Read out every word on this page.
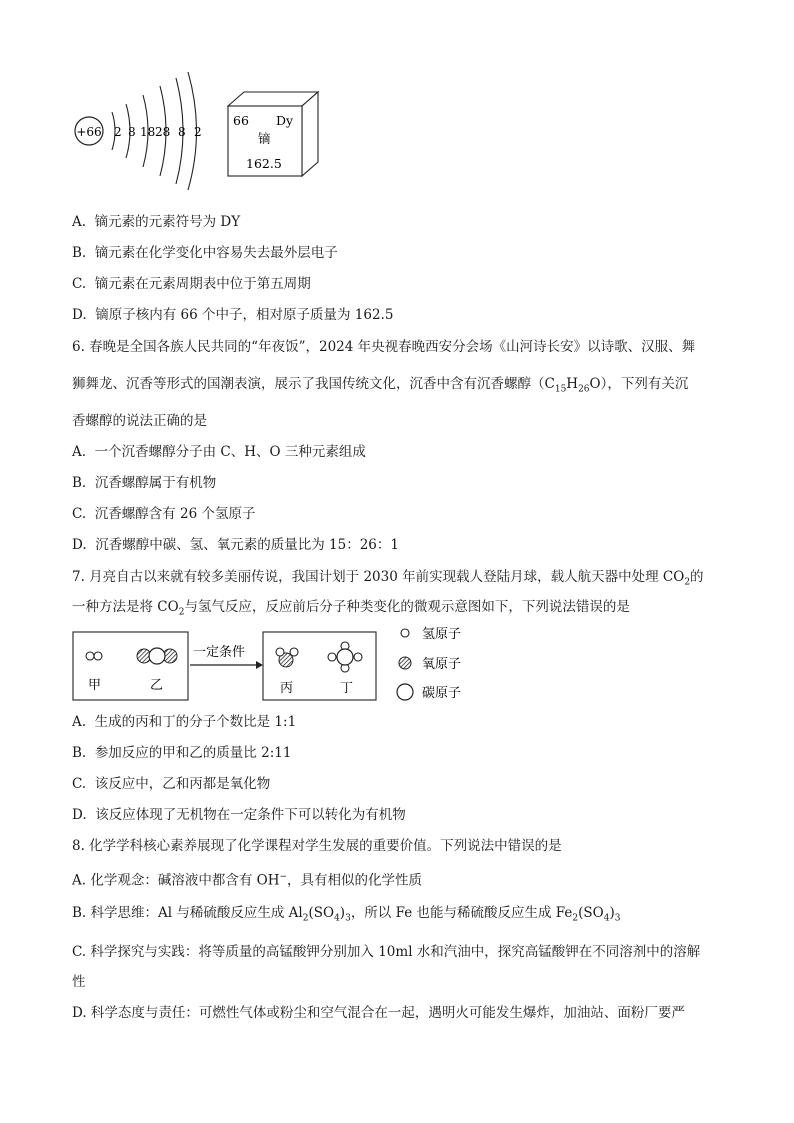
+66 2 8 18 28 8 2
66 Dy
镝
162.5
A. 镝元素的元素符号为 DY
B. 镝元素在化学变化中容易失去最外层电子
C. 镝元素在元素周期表中位于第五周期
D. 镝原子核内有 66 个中子，相对原子质量为 162.5
6. 春晚是全国各族人民共同的“年夜饭”，2024 年央视春晚西安分会场《山河诗长安》以诗歌、汉服、舞
狮舞龙、沉香等形式的国潮表演，展示了我国传统文化，沉香中含有沉香螺醇$(C_{15}H_{26}O)$，下列有关沉
香螺醇的说法正确的是
A. 一个沉香螺醇分子由 C、H、O 三种元素组成
B. 沉香螺醇属于有机物
C. 沉香螺醇含有 26 个氢原子
D. 沉香螺醇中碳、氢、氧元素的质量比为 15：26：1
7. 月亮自古以来就有较多美丽传说，我国计划于 2030 年前实现载人登陆月球，载人航天器中处理 $CO_2$的
一种方法是将 $CO_2$与氢气反应，反应前后分子种类变化的微观示意图如下，下列说法错误的是
甲	乙
一定条件
丙	丁
氢原子
氧原子
碳原子
A. 生成的丙和丁的分子个数比是 1:1
B. 参加反应的甲和乙的质量比 2:11
C. 该反应中，乙和丙都是氧化物
D. 该反应体现了无机物在一定条件下可以转化为有机物
8. 化学学科核心素养展现了化学课程对学生发展的重要价值。下列说法中错误的是
A. 化学观念：碱溶液中都含有 OH−，具有相似的化学性质
B. 科学思维：Al 与稀硫酸反应生成 $Al_2(SO_4)_3$，所以 Fe 也能与稀硫酸反应生成 $Fe_2(SO_4)_3$
C. 科学探究与实践：将等质量的高锰酸钾分别加入 10ml 水和汽油中，探究高锰酸钾在不同溶剂中的溶解
性
D. 科学态度与责任：可燃性气体或粉尘和空气混合在一起，遇明火可能发生爆炸，加油站、面粉厂要严
